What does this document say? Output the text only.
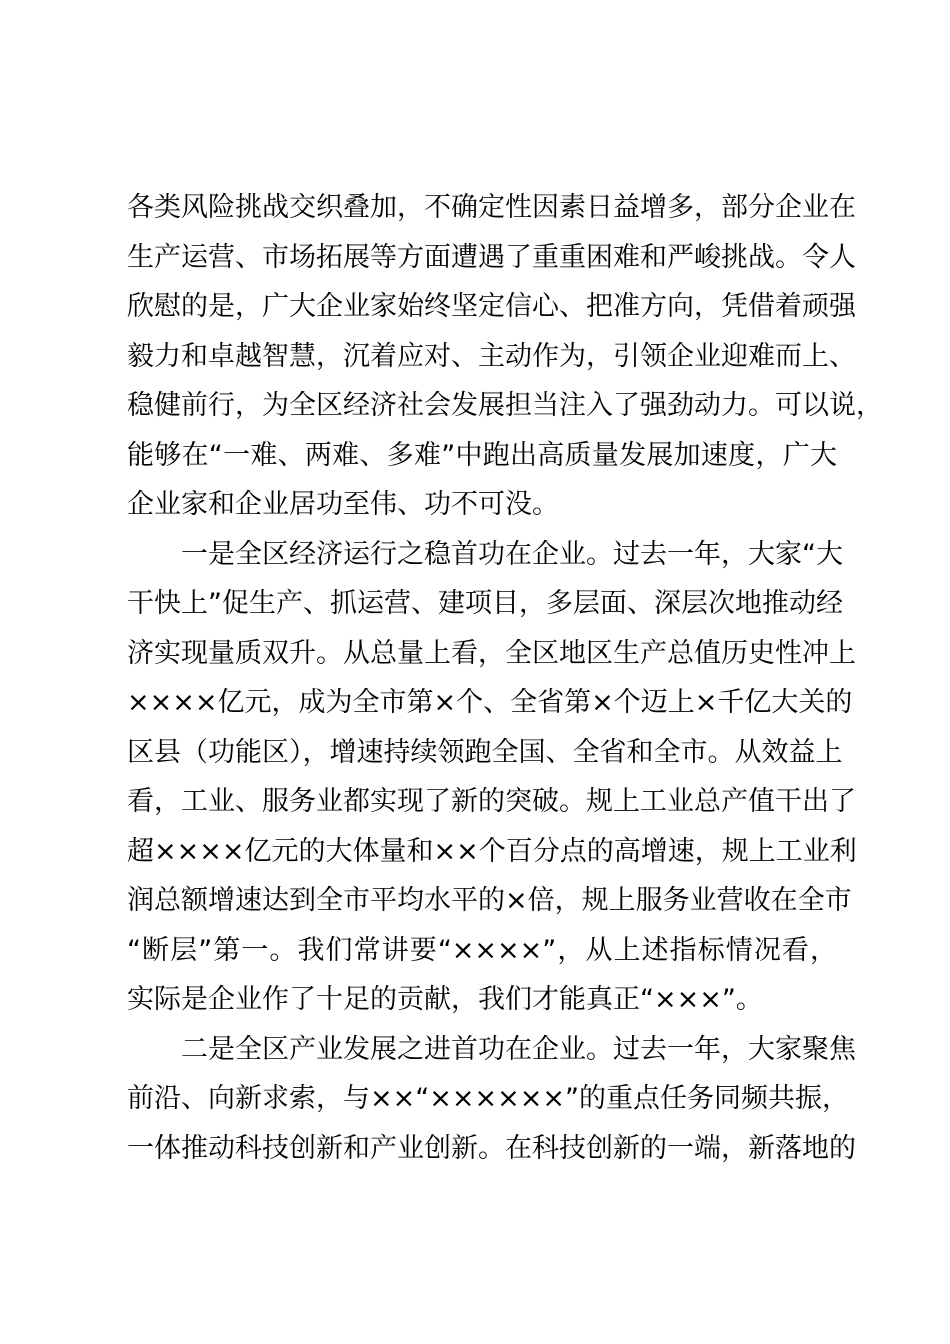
各类风险挑战交织叠加，不确定性因素日益增多，部分企业在
生产运营、市场拓展等方面遭遇了重重困难和严峻挑战。令人
欣慰的是，广大企业家始终坚定信心、把准方向，凭借着顽强
毅力和卓越智慧，沉着应对、主动作为，引领企业迎难而上、
稳健前行，为全区经济社会发展担当注入了强劲动力。可以说，
能够在“一难、两难、多难”中跑出高质量发展加速度，广大
企业家和企业居功至伟、功不可没。
一是全区经济运行之稳首功在企业。过去一年，大家“大
干快上”促生产、抓运营、建项目，多层面、深层次地推动经
济实现量质双升。从总量上看，全区地区生产总值历史性冲上
××××亿元，成为全市第×个、全省第×个迈上×千亿大关的
区县（功能区），增速持续领跑全国、全省和全市。从效益上
看，工业、服务业都实现了新的突破。规上工业总产值干出了
超××××亿元的大体量和××个百分点的高增速，规上工业利
润总额增速达到全市平均水平的×倍，规上服务业营收在全市
“断层”第一。我们常讲要“××××”，从上述指标情况看，
实际是企业作了十足的贡献，我们才能真正“×××”。
二是全区产业发展之进首功在企业。过去一年，大家聚焦
前沿、向新求索，与××“××××××”的重点任务同频共振，
一体推动科技创新和产业创新。在科技创新的一端，新落地的
